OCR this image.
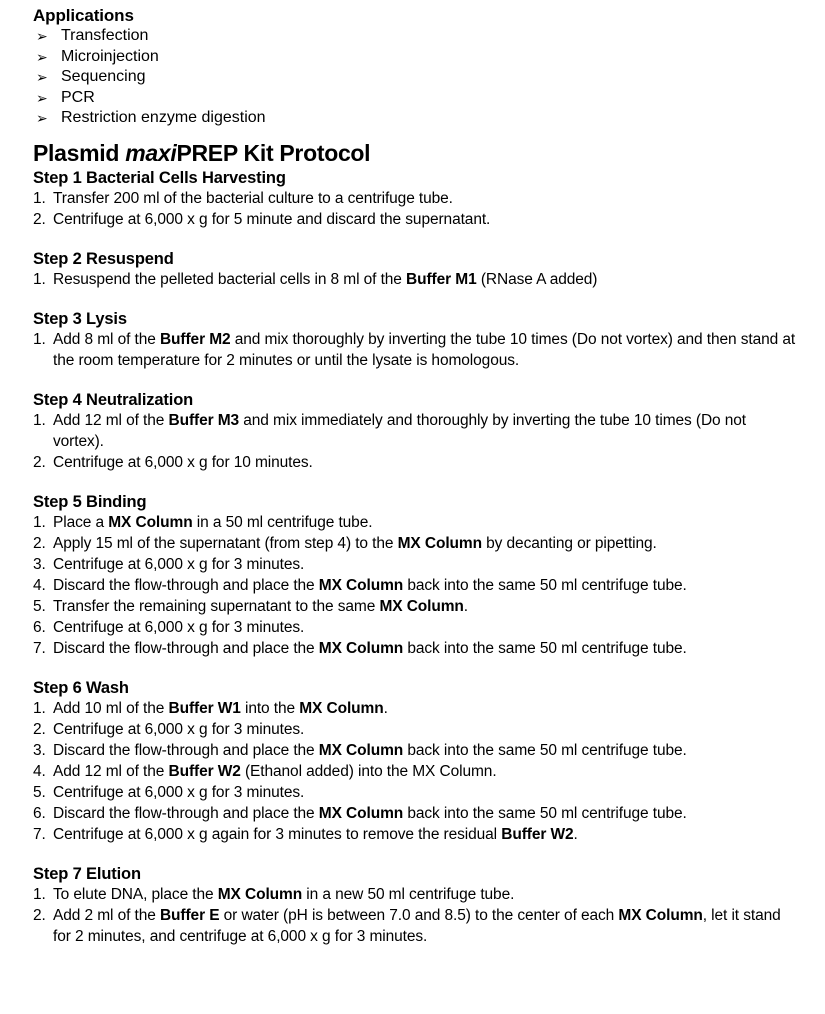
Applications
➢ Transfection
➢ Microinjection
➢ Sequencing
➢ PCR
➢ Restriction enzyme digestion
Plasmid maxiPREP Kit Protocol
Step 1 Bacterial Cells Harvesting
1. Transfer 200 ml of the bacterial culture to a centrifuge tube.
2. Centrifuge at 6,000 x g for 5 minute and discard the supernatant.
Step 2 Resuspend
1. Resuspend the pelleted bacterial cells in 8 ml of the Buffer M1 (RNase A added)
Step 3 Lysis
1. Add 8 ml of the Buffer M2 and mix thoroughly by inverting the tube 10 times (Do not vortex) and then stand at the room temperature for 2 minutes or until the lysate is homologous.
Step 4 Neutralization
1. Add 12 ml of the Buffer M3 and mix immediately and thoroughly by inverting the tube 10 times (Do not vortex).
2. Centrifuge at 6,000 x g for 10 minutes.
Step 5 Binding
1. Place a MX Column in a 50 ml centrifuge tube.
2. Apply 15 ml of the supernatant (from step 4) to the MX Column by decanting or pipetting.
3. Centrifuge at 6,000 x g for 3 minutes.
4. Discard the flow-through and place the MX Column back into the same 50 ml centrifuge tube.
5. Transfer the remaining supernatant to the same MX Column.
6. Centrifuge at 6,000 x g for 3 minutes.
7. Discard the flow-through and place the MX Column back into the same 50 ml centrifuge tube.
Step 6 Wash
1. Add 10 ml of the Buffer W1 into the MX Column.
2. Centrifuge at 6,000 x g for 3 minutes.
3. Discard the flow-through and place the MX Column back into the same 50 ml centrifuge tube.
4. Add 12 ml of the Buffer W2 (Ethanol added) into the MX Column.
5. Centrifuge at 6,000 x g for 3 minutes.
6. Discard the flow-through and place the MX Column back into the same 50 ml centrifuge tube.
7. Centrifuge at 6,000 x g again for 3 minutes to remove the residual Buffer W2.
Step 7 Elution
1. To elute DNA, place the MX Column in a new 50 ml centrifuge tube.
2. Add 2 ml of the Buffer E or water (pH is between 7.0 and 8.5) to the center of each MX Column, let it stand for 2 minutes, and centrifuge at 6,000 x g for 3 minutes.
